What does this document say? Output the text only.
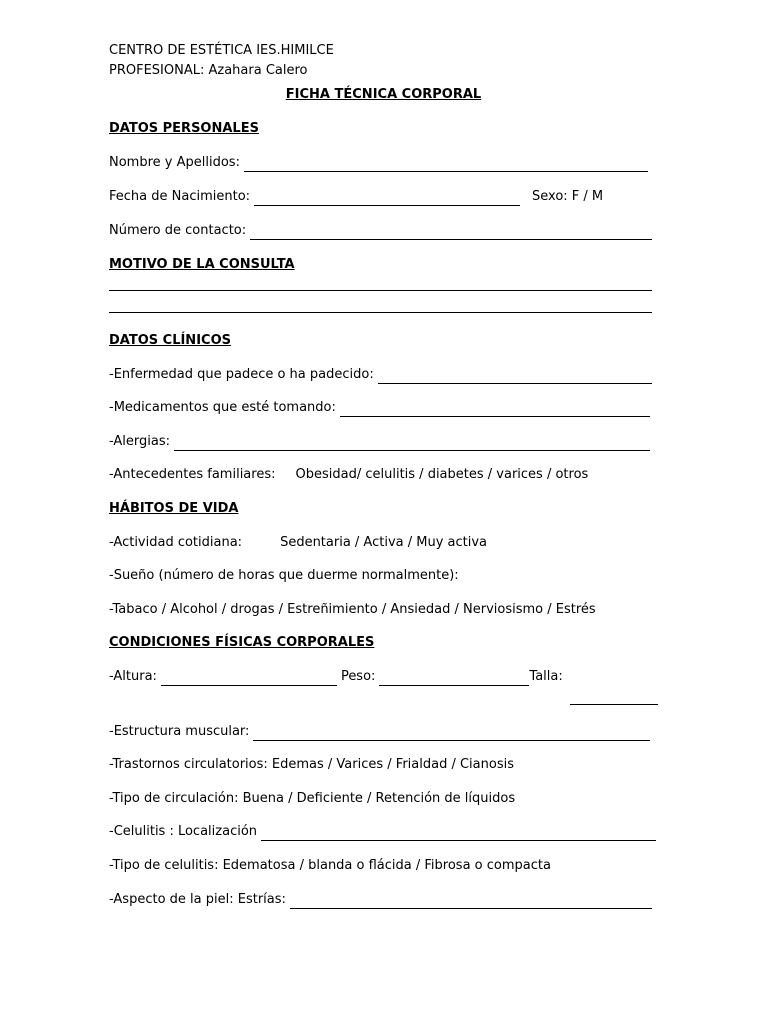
CENTRO DE ESTÉTICA IES.HIMILCE
PROFESIONAL: Azahara Calero
FICHA TÉCNICA CORPORAL
DATOS PERSONALES
Nombre y Apellidos:
Fecha de Nacimiento:	Sexo: F / M
Número de contacto:
MOTIVO DE LA CONSULTA
DATOS CLÍNICOS
-Enfermedad que padece o ha padecido:
-Medicamentos que esté tomando:
-Alergias:
-Antecedentes familiares: Obesidad/ celulitis / diabetes / varices / otros
HÁBITOS DE VIDA
-Actividad cotidiana:	Sedentaria / Activa / Muy activa
-Sueño (número de horas que duerme normalmente):
-Tabaco / Alcohol / drogas / Estreñimiento / Ansiedad / Nerviosismo / Estrés
CONDICIONES FÍSICAS CORPORALES
-Altura:	Peso:	Talla:
-Estructura muscular:
-Trastornos circulatorios: Edemas / Varices / Frialdad / Cianosis
-Tipo de circulación: Buena / Deficiente / Retención de líquidos
-Celulitis : Localización
-Tipo de celulitis: Edematosa / blanda o flácida / Fibrosa o compacta
-Aspecto de la piel: Estrías:
